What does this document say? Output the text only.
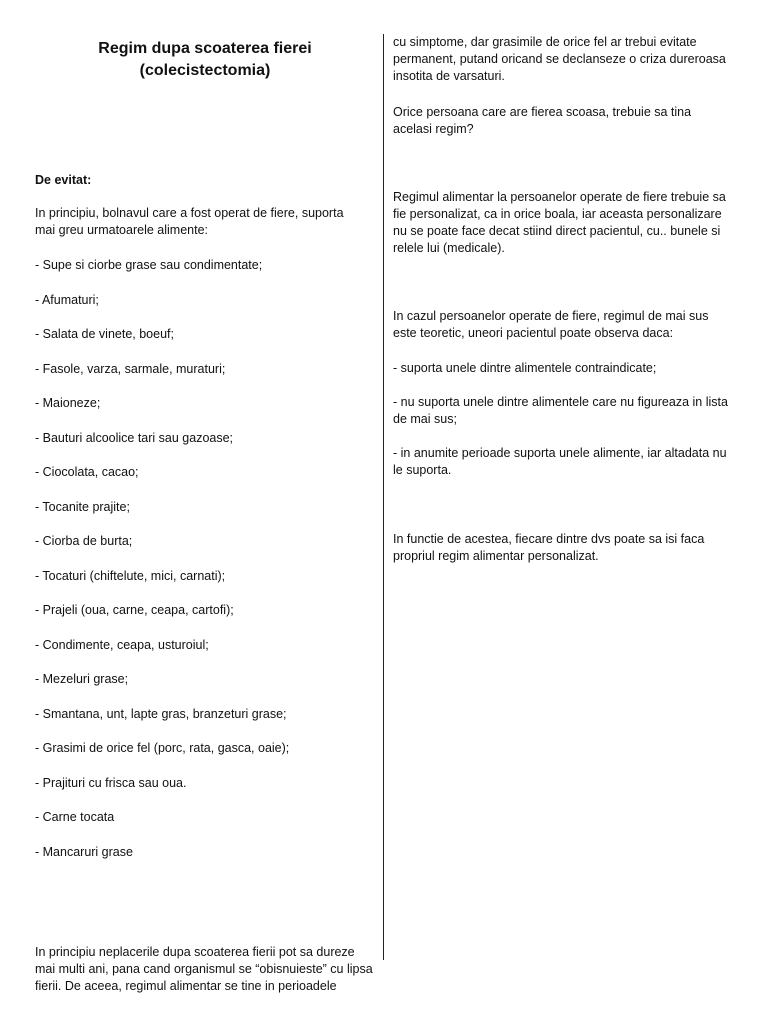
Regim dupa scoaterea fierei
(colecistectomia)

De evitat:

In principiu, bolnavul care a fost operat de fiere, suporta mai greu urmatoarele alimente:

- Supe si ciorbe grase sau condimentate;
- Afumaturi;
- Salata de vinete, boeuf;
- Fasole, varza, sarmale, muraturi;
- Maioneze;
- Bauturi alcoolice tari sau gazoase;
- Ciocolata, cacao;
- Tocanite prajite;
- Ciorba de burta;
- Tocaturi (chiftelute, mici, carnati);
- Prajeli (oua, carne, ceapa, cartofi);
- Condimente, ceapa, usturoiul;
- Mezeluri grase;
- Smantana, unt, lapte gras, branzeturi grase;
- Grasimi de orice fel (porc, rata, gasca, oaie);
- Prajituri cu frisca sau oua.
- Carne tocata
- Mancaruri grase

In principiu neplacerile dupa scoaterea fierii pot sa dureze mai multi ani, pana cand organismul se “obisnuieste” cu lipsa fierii. De aceea, regimul alimentar se tine in perioadele

cu simptome, dar grasimile de orice fel ar trebui evitate permanent, putand oricand se declanseze o criza dureroasa insotita de varsaturi.

Orice persoana care are fierea scoasa, trebuie sa tina acelasi regim?

Regimul alimentar la persoanelor operate de fiere trebuie sa fie personalizat, ca in orice boala, iar aceasta personalizare nu se poate face decat stiind direct pacientul, cu.. bunele si relele lui (medicale).

In cazul persoanelor operate de fiere, regimul de mai sus este teoretic, uneori pacientul poate observa daca:

- suporta unele dintre alimentele contraindicate;

- nu suporta unele dintre alimentele care nu figureaza in lista de mai sus;

- in anumite perioade suporta unele alimente, iar altadata nu le suporta.

In functie de acestea, fiecare dintre dvs poate sa isi faca propriul regim alimentar personalizat.
